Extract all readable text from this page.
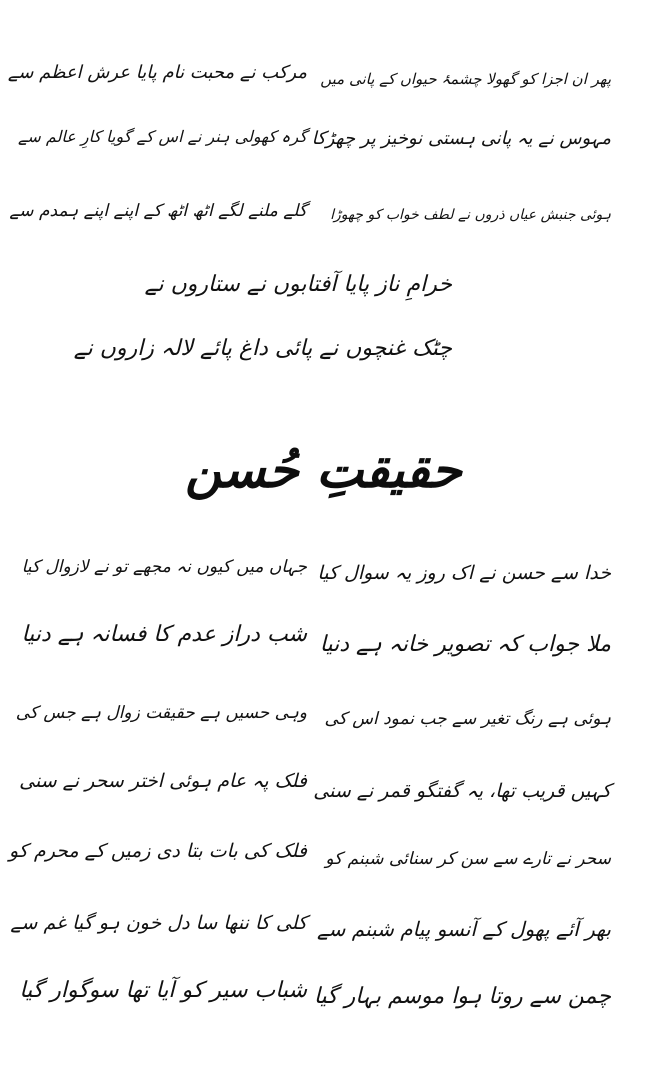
پھر ان اجزا کو گھولا چشمۂ حیواں کے پانی میں
مرکب نے محبت نام پایا عرش اعظم سے
مہوس نے یہ پانی ہستی نوخیز پر چھڑکا
گرہ کھولی ہنر نے اس کے گویا کارِ عالم سے
ہوئی جنبش عیاں ذروں نے لطف خواب کو چھوڑا
گلے ملنے لگے اٹھ اٹھ کے اپنے اپنے ہمدم سے
خرامِ ناز پایا آفتابوں نے ستاروں نے
چٹک غنچوں نے پائی داغ پائے لالہ زاروں نے
حقیقتِ حُسن
خدا سے حسن نے اک روز یہ سوال کیا
جہاں میں کیوں نہ مجھے تو نے لازوال کیا
ملا جواب کہ تصویر خانہ ہے دنیا
شب دراز عدم کا فسانہ ہے دنیا
ہوئی ہے رنگ تغیر سے جب نمود اس کی
وہی حسیں ہے حقیقت زوال ہے جس کی
کہیں قریب تھا، یہ گفتگو قمر نے سنی
فلک پہ عام ہوئی اختر سحر نے سنی
سحر نے تارے سے سن کر سنائی شبنم کو
فلک کی بات بتا دی زمیں کے محرم کو
بھر آئے پھول کے آنسو پیام شبنم سے
کلی کا ننھا سا دل خون ہو گیا غم سے
چمن سے روتا ہوا موسم بہار گیا
شباب سیر کو آیا تھا سوگوار گیا
